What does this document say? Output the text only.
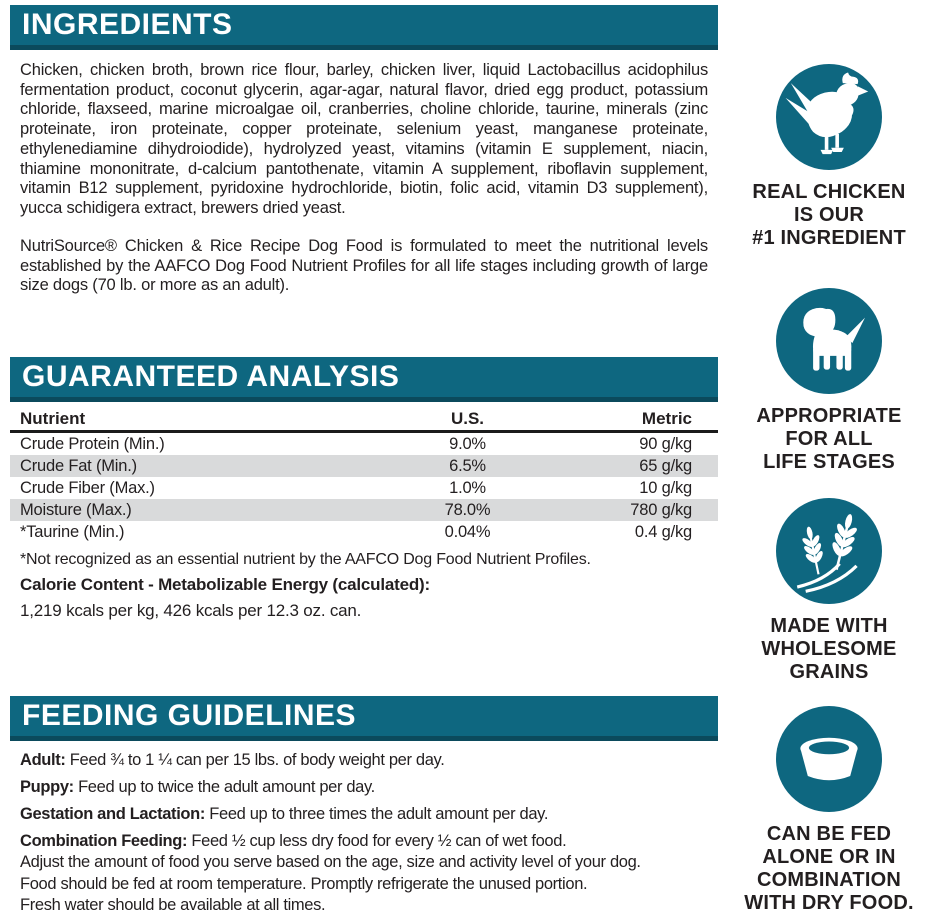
INGREDIENTS

Chicken, chicken broth, brown rice flour, barley, chicken liver, liquid Lactobacillus acidophilus fermentation product, coconut glycerin, agar-agar, natural flavor, dried egg product, potassium chloride, flaxseed, marine microalgae oil, cranberries, choline chloride, taurine, minerals (zinc proteinate, iron proteinate, copper proteinate, selenium yeast, manganese proteinate, ethylenediamine dihydroiodide), hydrolyzed yeast, vitamins (vitamin E supplement, niacin, thiamine mononitrate, d-calcium pantothenate, vitamin A supplement, riboflavin supplement, vitamin B12 supplement, pyridoxine hydrochloride, biotin, folic acid, vitamin D3 supplement), yucca schidigera extract, brewers dried yeast.

NutriSource® Chicken & Rice Recipe Dog Food is formulated to meet the nutritional levels established by the AAFCO Dog Food Nutrient Profiles for all life stages including growth of large size dogs (70 lb. or more as an adult).

GUARANTEED ANALYSIS
Nutrient	U.S.	Metric
Crude Protein (Min.)	9.0%	90 g/kg
Crude Fat (Min.)	6.5%	65 g/kg
Crude Fiber (Max.)	1.0%	10 g/kg
Moisture (Max.)	78.0%	780 g/kg
*Taurine (Min.)	0.04%	0.4 g/kg

*Not recognized as an essential nutrient by the AAFCO Dog Food Nutrient Profiles.

Calorie Content - Metabolizable Energy (calculated):

1,219 kcals per kg, 426 kcals per 12.3 oz. can.

FEEDING GUIDELINES

Adult: Feed ¾ to 1 ¼ can per 15 lbs. of body weight per day.

Puppy: Feed up to twice the adult amount per day.

Gestation and Lactation: Feed up to three times the adult amount per day.

Combination Feeding: Feed ½ cup less dry food for every ½ can of wet food.

Adjust the amount of food you serve based on the age, size and activity level of your dog.

Food should be fed at room temperature. Promptly refrigerate the unused portion.

Fresh water should be available at all times.

REAL CHICKEN
IS OUR
#1 INGREDIENT
APPROPRIATE
FOR ALL
LIFE STAGES
MADE WITH
WHOLESOME
GRAINS
CAN BE FED
ALONE OR IN
COMBINATION
WITH DRY FOOD.
